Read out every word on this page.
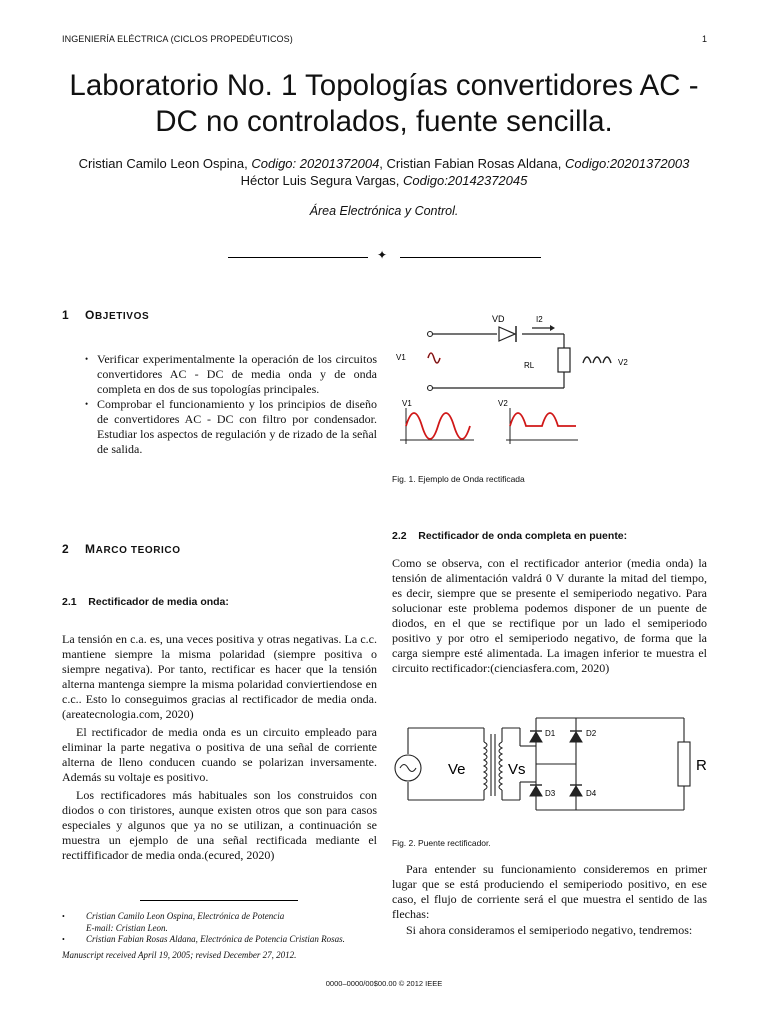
INGENIERÍA ELÉCTRICA (CICLOS PROPEDÉUTICOS)	1
Laboratorio No. 1 Topologías convertidores AC -
DC no controlados, fuente sencilla.
Cristian Camilo Leon Ospina, Codigo: 20201372004, Cristian Fabian Rosas Aldana, Codigo:20201372003
Héctor Luis Segura Vargas, Codigo:20142372045
Área Electrónica y Control.
✦
1 OBJETIVOS
• Verificar experimentalmente la operación de los circuitos convertidores AC - DC de media onda y de onda completa en dos de sus topologías principales.
• Comprobar el funcionamiento y los principios de diseño de convertidores AC - DC con filtro por condensador. Estudiar los aspectos de regulación y de rizado de la señal de salida.
2 MARCO TEORICO
2.1 Rectificador de media onda:

La tensión en c.a. es, una veces positiva y otras negativas. La c.c. mantiene siempre la misma polaridad (siempre positiva o siempre negativa). Por tanto, rectificar es hacer que la tensión alterna mantenga siempre la misma polaridad conviertiendose en c.c.. Esto lo conseguimos gracias al rectificador de media onda.(areatecnologia.com, 2020)

El rectificador de media onda es un circuito empleado para eliminar la parte negativa o positiva de una señal de corriente alterna de lleno conducen cuando se polarizan inversamente. Además su voltaje es positivo.

Los rectificadores más habituales son los construidos con diodos o con tiristores, aunque existen otros que son para casos especiales y algunos que ya no se utilizan, a continuación se muestra un ejemplo de una señal rectificada mediante el rectiffificador de media onda.(ecured, 2020)

• Cristian Camilo Leon Ospina, Electrónica de Potencia
E-mail: Cristian Leon.
• Cristian Fabian Rosas Aldana, Electrónica de Potencia Cristian Rosas.
Manuscript received April 19, 2005; revised December 27, 2012.
VD	I2
V1
RL	V2
V1	V2
Fig. 1. Ejemplo de Onda rectificada
2.2 Rectificador de onda completa en puente:
Como se observa, con el rectificador anterior (media onda) la tensión de alimentación valdrá 0 V durante la mitad del tiempo, es decir, siempre que se presente el semiperiodo negativo. Para solucionar este problema podemos disponer de un puente de diodos, en el que se rectifique por un lado el semiperiodo positivo y por otro el semiperiodo negativo, de forma que la carga siempre esté alimentada. La imagen inferior te muestra el circuito rectificador:(cienciasfera.com, 2020)
Ve	Vs
D1	D2
D3	D4
R
Fig. 2. Puente rectificador.

Para entender su funcionamiento consideremos en primer lugar que se está produciendo el semiperiodo positivo, en ese caso, el flujo de corriente será el que muestra el sentido de las flechas:

Si ahora consideramos el semiperiodo negativo, tendremos:

0000–0000/00$00.00 © 2012 IEEE
